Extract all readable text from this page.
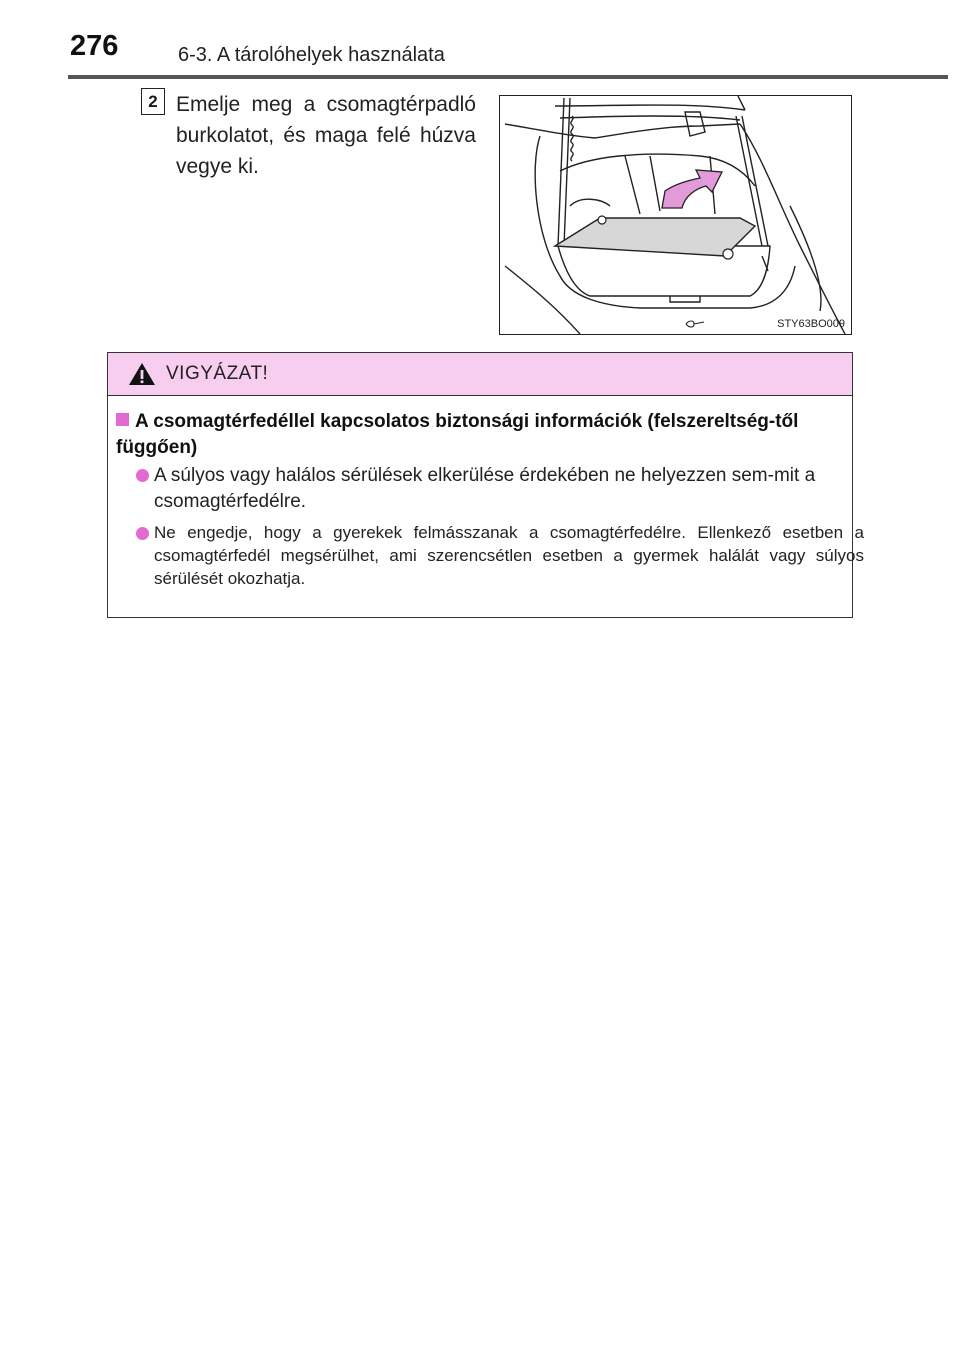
276	6-3. A tárolóhelyek használata
2 Emelje meg a csomagtérpadló burkolatot, és maga felé húzva vegye ki.
STY63BO009
VIGYÁZAT!
A csomagtérfedéllel kapcsolatos biztonsági információk (felszereltség-től függően)
A súlyos vagy halálos sérülések elkerülése érdekében ne helyezzen sem-mit a csomagtérfedélre.
Ne engedje, hogy a gyerekek felmásszanak a csomagtérfedélre. Ellenkező esetben a csomagtérfedél megsérülhet, ami szerencsétlen esetben a gyermek halálát vagy súlyos sérülését okozhatja.
